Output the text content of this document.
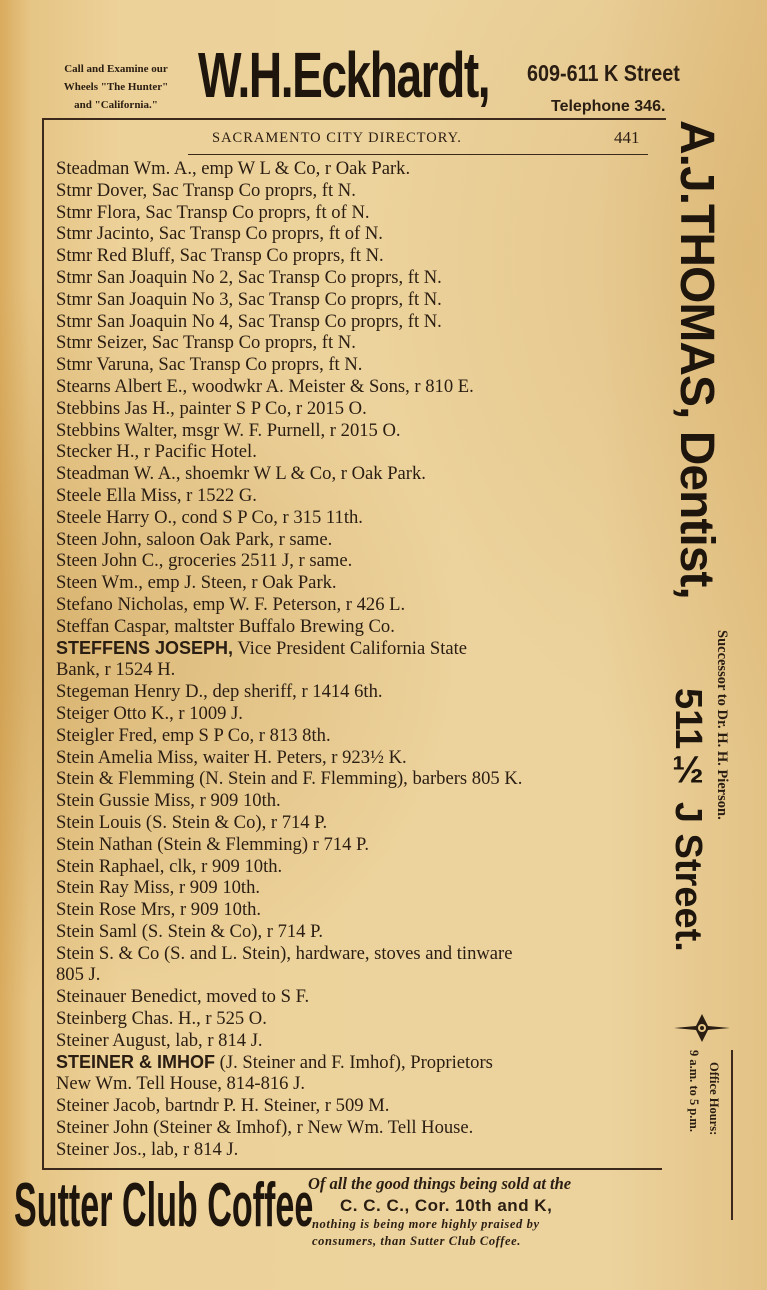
Call and Examine our
Wheels "The Hunter"
and "California." W.H.Eckhardt, 609-611 K Street
Telephone 346.
SACRAMENTO CITY DIRECTORY.	441
Steadman Wm. A., emp W L & Co, r Oak Park.
Stmr Dover, Sac Transp Co proprs, ft N.
Stmr Flora, Sac Transp Co proprs, ft of N.
Stmr Jacinto, Sac Transp Co proprs, ft of N.
Stmr Red Bluff, Sac Transp Co proprs, ft N.
Stmr San Joaquin No 2, Sac Transp Co proprs, ft N.
Stmr San Joaquin No 3, Sac Transp Co proprs, ft N.
Stmr San Joaquin No 4, Sac Transp Co proprs, ft N.
Stmr Seizer, Sac Transp Co proprs, ft N.
Stmr Varuna, Sac Transp Co proprs, ft N.
Stearns Albert E., woodwkr A. Meister & Sons, r 810 E.
Stebbins Jas H., painter S P Co, r 2015 O.
Stebbins Walter, msgr W. F. Purnell, r 2015 O.
Stecker H., r Pacific Hotel.
Steadman W. A., shoemkr W L & Co, r Oak Park.
Steele Ella Miss, r 1522 G.
Steele Harry O., cond S P Co, r 315 11th.
Steen John, saloon Oak Park, r same.
Steen John C., groceries 2511 J, r same.
Steen Wm., emp J. Steen, r Oak Park.
Stefano Nicholas, emp W. F. Peterson, r 426 L.
Steffan Caspar, maltster Buffalo Brewing Co.
STEFFENS JOSEPH, Vice President California State
Bank, r 1524 H.
Stegeman Henry D., dep sheriff, r 1414 6th.
Steiger Otto K., r 1009 J.
Steigler Fred, emp S P Co, r 813 8th.
Stein Amelia Miss, waiter H. Peters, r 923½ K.
Stein & Flemming (N. Stein and F. Flemming), barbers 805 K.
Stein Gussie Miss, r 909 10th.
Stein Louis (S. Stein & Co), r 714 P.
Stein Nathan (Stein & Flemming) r 714 P.
Stein Raphael, clk, r 909 10th.
Stein Ray Miss, r 909 10th.
Stein Rose Mrs, r 909 10th.
Stein Saml (S. Stein & Co), r 714 P.
Stein S. & Co (S. and L. Stein), hardware, stoves and tinware
805 J.
Steinauer Benedict, moved to S F.
Steinberg Chas. H., r 525 O.
Steiner August, lab, r 814 J.
STEINER & IMHOF (J. Steiner and F. Imhof), Proprietors
New Wm. Tell House, 814-816 J.
Steiner Jacob, bartndr P. H. Steiner, r 509 M.
Steiner John (Steiner & Imhof), r New Wm. Tell House.
Steiner Jos., lab, r 814 J.
A.J.THOMAS, Dentist,
511½ J Street. Successor to Dr. H. H. Pierson.
Office Hours:
9 a.m. to 5 p.m.
Sutter Club Coffee
Of all the good things being sold at the
C. C. C., Cor. 10th and K,
nothing is being more highly praised by
consumers, than Sutter Club Coffee.
